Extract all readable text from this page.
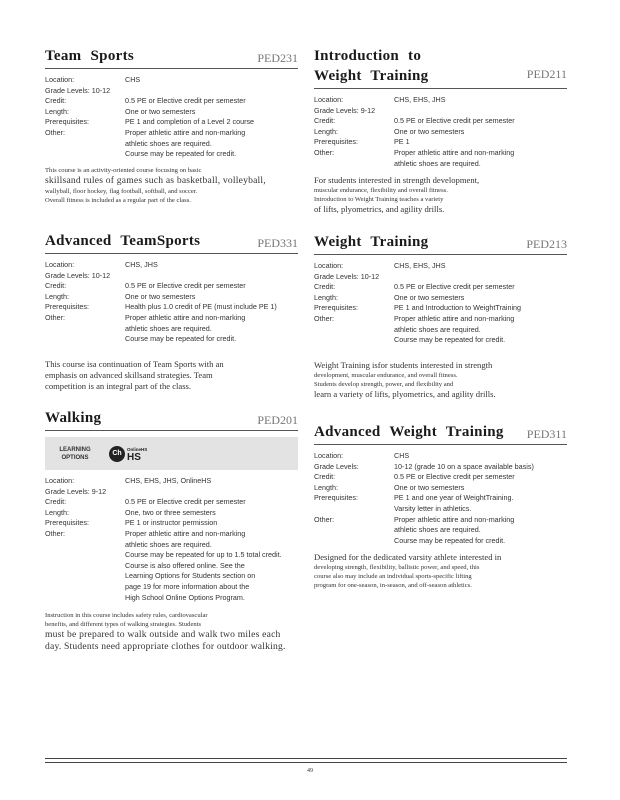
Team Sports	PED231
Location:	CHS
Grade Levels: 10-12
Credit:	0.5 PE or Elective credit per semester
Length:	One or two semesters
Prerequisites:	PE 1 and completion of a Level 2 course
Other:	Proper athletic attire and non-marking
athletic shoes are required.
Course may be repeated for credit.
This course is an activity-oriented course focusing on basic
skillsand rules of games such as basketball, volleyball,
wallyball, floor hockey, flag football, softball, and soccer.
Overall fitness is included as a regular part of the class.
Advanced TeamSports	PED331
Location:	CHS, JHS
Grade Levels: 10-12
Credit:	0.5 PE or Elective credit per semester
Length:	One or two semesters
Prerequisites:	Health plus 1.0 credit of PE (must include PE 1)
Other:	Proper athletic attire and non-marking
athletic shoes are required.
Course may be repeated for credit.
This course isa continuation of Team Sports with an
emphasis on advanced skillsand strategies. Team
competition is an integral part of the class.
Walking	PED201
LEARNING
OPTIONS
Ch
OnlineHS
HS
Location:	CHS, EHS, JHS, OnlineHS
Grade Levels: 9-12
Credit:	0.5 PE or Elective credit per semester
Length:	One, two or three semesters
Prerequisites:	PE 1 or instructor permission
Other:	Proper athletic attire and non-marking
athletic shoes are required.
Course may be repeated for up to 1.5 total credit.
Course is also offered online. See the
Learning Options for Students section on
page 19 for more information about the
High School Online Options Program.
Instruction in this course includes safety rules, cardiovascular
benefits, and different types of walking strategies. Students
must be prepared to walk outside and walk two miles each
day. Students need appropriate clothes for outdoor walking.
Introduction to
Weight Training	PED211
Location:	CHS, EHS, JHS
Grade Levels: 9-12
Credit:	0.5 PE or Elective credit per semester
Length:	One or two semesters
Prerequisites:	PE 1
Other:	Proper athletic attire and non-marking
athletic shoes are required.
For students interested in strength development,
muscular endurance, flexibility and overall fitness.
Introduction to Weight Training teaches a variety
of lifts, plyometrics, and agility drills.
Weight Training	PED213
Location:	CHS, EHS, JHS
Grade Levels: 10-12
Credit:	0.5 PE or Elective credit per semester
Length:	One or two semesters
Prerequisites:	PE 1 and Introduction to WeightTraining
Other:	Proper athletic attire and non-marking
athletic shoes are required.
Course may be repeated for credit.
Weight Training isfor students interested in strength
development, muscular endurance, and overall fitness.
Students develop strength, power, and flexibility and
learn a variety of lifts, plyometrics, and agility drills.
Advanced Weight Training PED311
Location:	CHS
Grade Levels:	10-12 (grade 10 on a space available basis)
Credit:	0.5 PE or Elective credit per semester
Length:	One or two semesters
Prerequisites:	PE 1 and one year of WeightTraining.
Varsity letter in athletics.
Other:	Proper athletic attire and non-marking
athletic shoes are required.
Course may be repeated for credit.
Designed for the dedicated varsity athlete interested in
developing strength, flexibility, ballistic power, and speed, this
course also may include an individual sports-specific lifting
program for one-season, in-season, and off-season athletics.
49
